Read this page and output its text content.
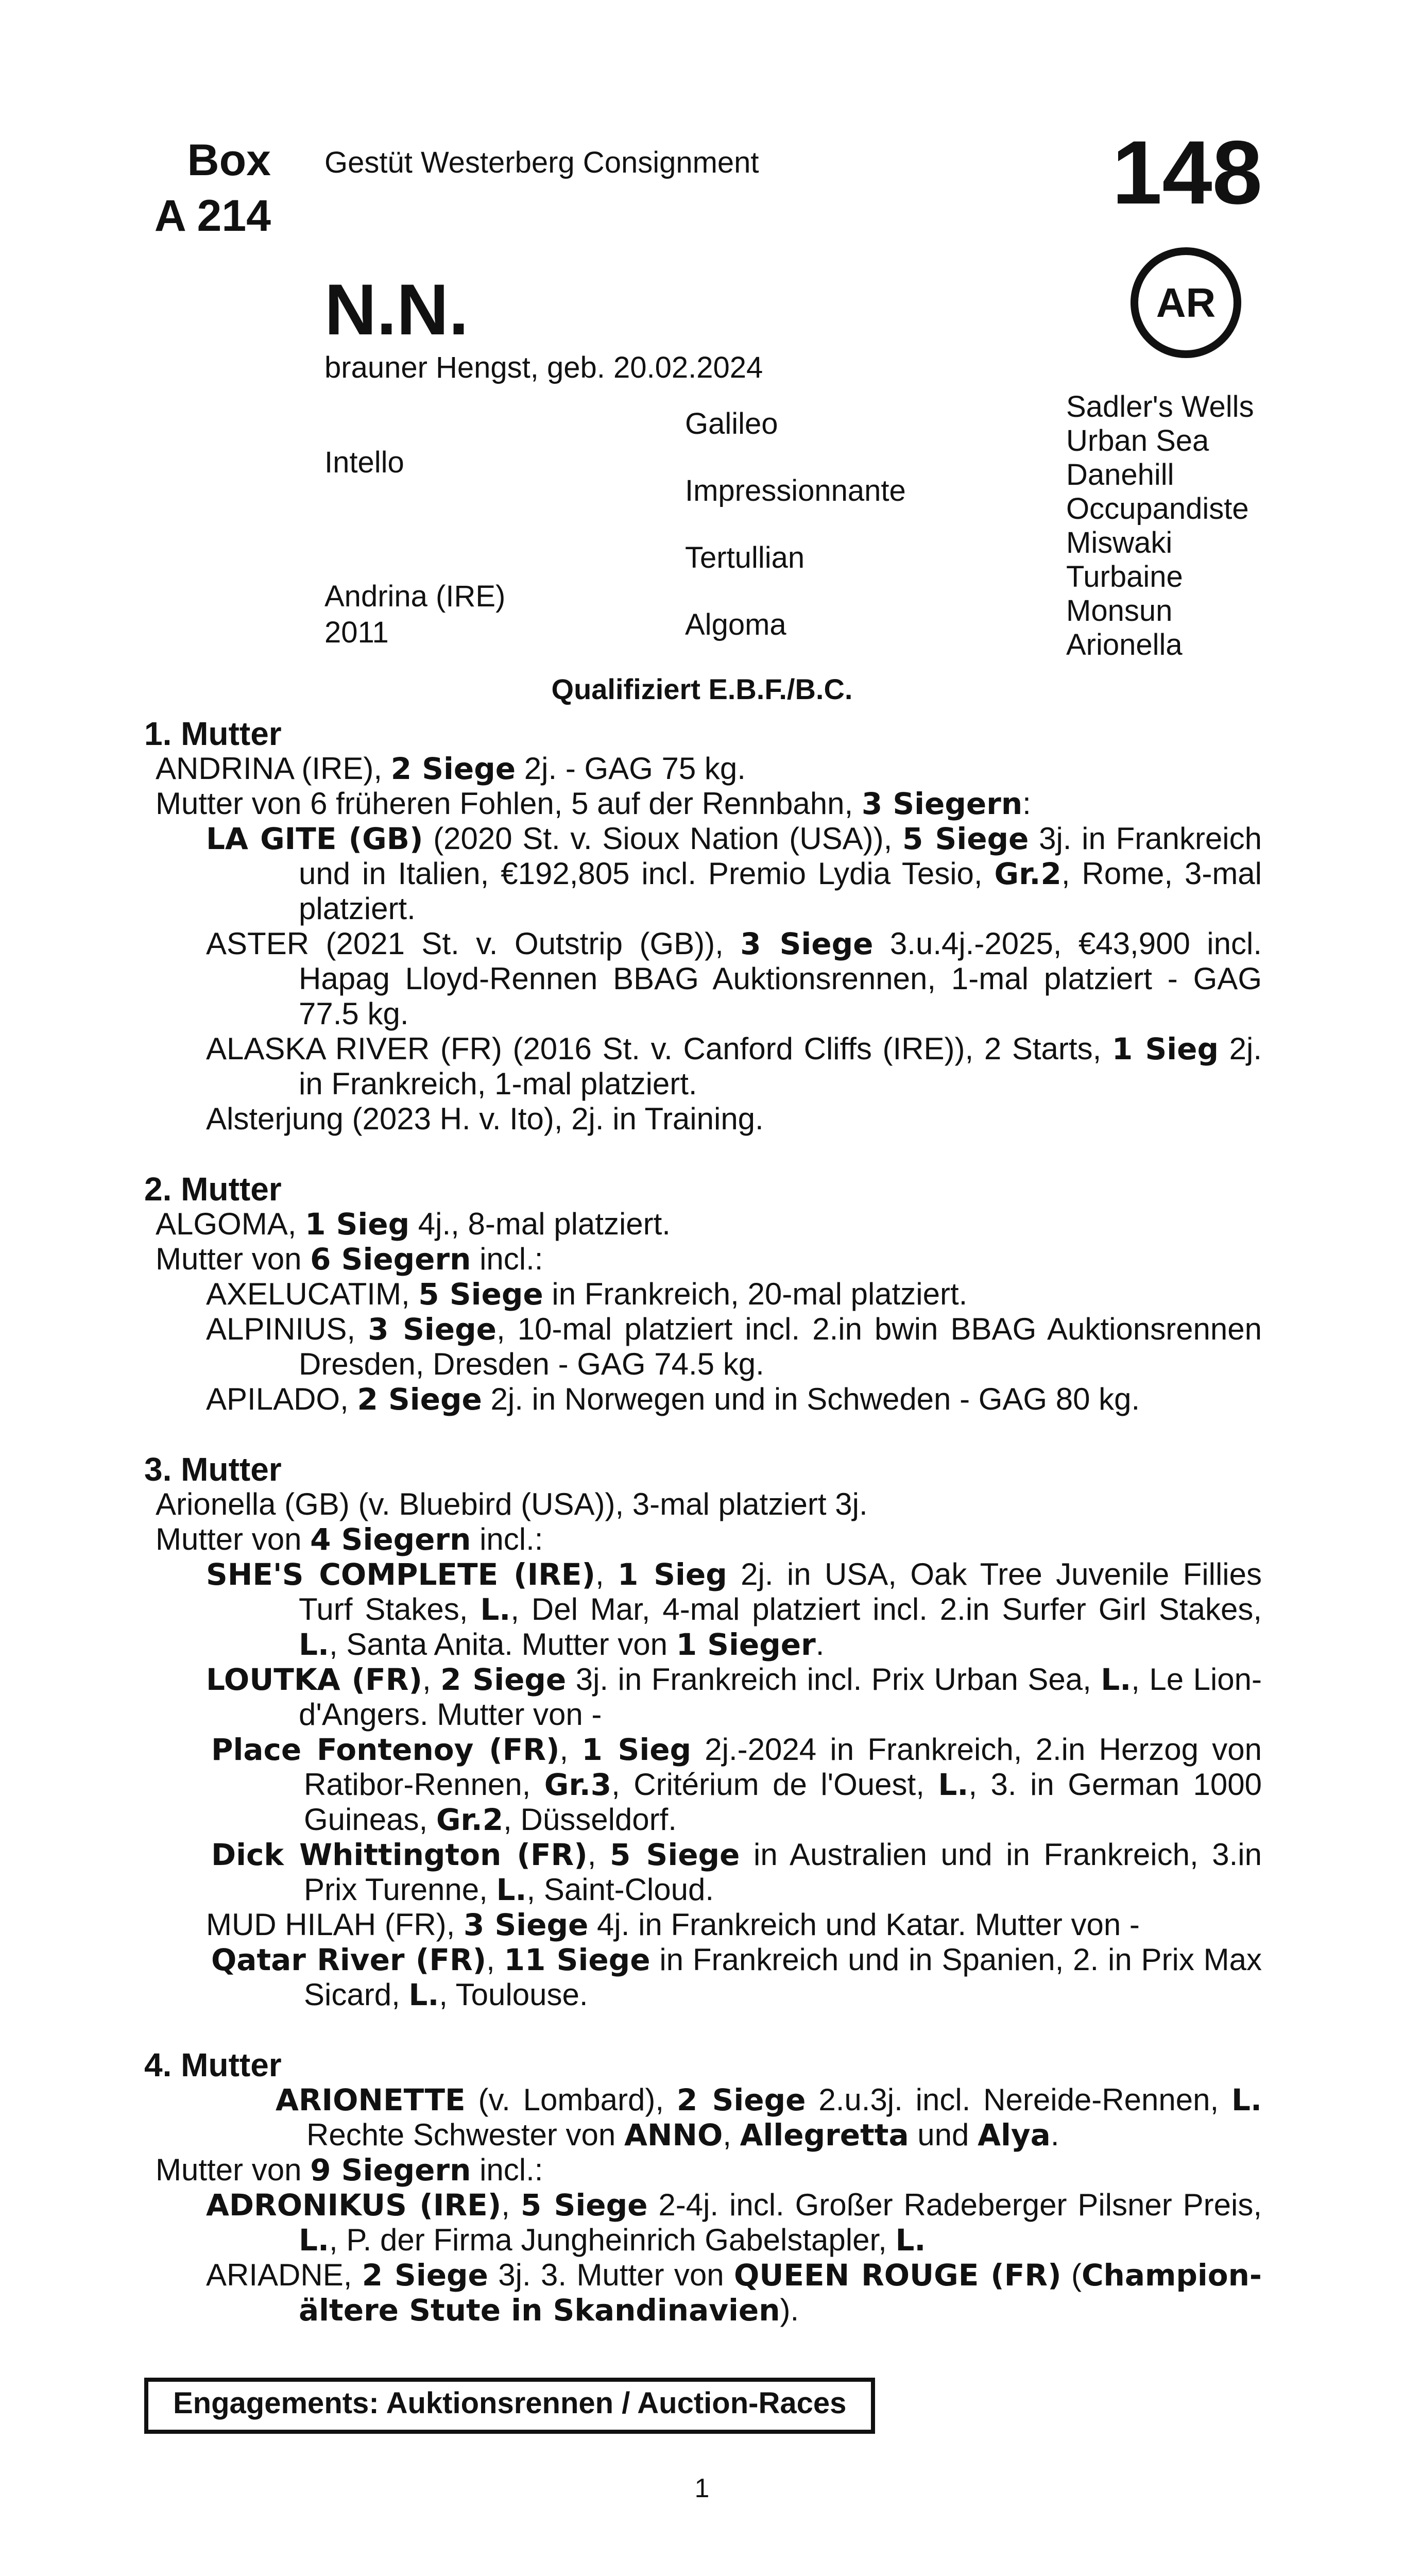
Box
A 214
Gestüt Westerberg Consignment	148
AR
N.N.
brauner Hengst, geb. 20.02.2024
Intello
Andrina (IRE)
2011
Galileo
Impressionnante
Tertullian
Algoma
Sadler's Wells
Urban Sea
Danehill
Occupandiste
Miswaki
Turbaine
Monsun
Arionella
Qualifiziert E.B.F./B.C.

1. Mutter

ANDRINA (IRE), 2 Siege 2j. - GAG 75 kg.

Mutter von 6 früheren Fohlen, 5 auf der Rennbahn, 3 Siegern:

LA GITE (GB) (2020 St. v. Sioux Nation (USA)), 5 Siege 3j. in Frankreich und in Italien, €192,805 incl. Premio Lydia Tesio, Gr.2, Rome, 3-mal platziert.

ASTER (2021 St. v. Outstrip (GB)), 3 Siege 3.u.4j.-2025, €43,900 incl. Hapag Lloyd-Rennen BBAG Auktionsrennen, 1-mal platziert - GAG 77.5 kg.

ALASKA RIVER (FR) (2016 St. v. Canford Cliffs (IRE)), 2 Starts, 1 Sieg 2j. in Frankreich, 1-mal platziert.

Alsterjung (2023 H. v. Ito), 2j. in Training.

2. Mutter

ALGOMA, 1 Sieg 4j., 8-mal platziert.

Mutter von 6 Siegern incl.:

AXELUCATIM, 5 Siege in Frankreich, 20-mal platziert.

ALPINIUS, 3 Siege, 10-mal platziert incl. 2.in bwin BBAG Auktionsrennen Dresden, Dresden - GAG 74.5 kg.

APILADO, 2 Siege 2j. in Norwegen und in Schweden - GAG 80 kg.

3. Mutter

Arionella (GB) (v. Bluebird (USA)), 3-mal platziert 3j.

Mutter von 4 Siegern incl.:

SHE'S COMPLETE (IRE), 1 Sieg 2j. in USA, Oak Tree Juvenile Fillies Turf Stakes, L., Del Mar, 4-mal platziert incl. 2.in Surfer Girl Stakes, L., Santa Anita. Mutter von 1 Sieger.

LOUTKA (FR), 2 Siege 3j. in Frankreich incl. Prix Urban Sea, L., Le Lion-d'Angers. Mutter von -

Place Fontenoy (FR), 1 Sieg 2j.-2024 in Frankreich, 2.in Herzog von Ratibor-Rennen, Gr.3, Critérium de l'Ouest, L., 3. in German 1000 Guineas, Gr.2, Düsseldorf.

Dick Whittington (FR), 5 Siege in Australien und in Frankreich, 3.in Prix Turenne, L., Saint-Cloud.

MUD HILAH (FR), 3 Siege 4j. in Frankreich und Katar. Mutter von -

Qatar River (FR), 11 Siege in Frankreich und in Spanien, 2. in Prix Max Sicard, L., Toulouse.

4. Mutter

ARIONETTE (v. Lombard), 2 Siege 2.u.3j. incl. Nereide-Rennen, L. Rechte Schwester von ANNO, Allegretta und Alya.

Mutter von 9 Siegern incl.:

ADRONIKUS (IRE), 5 Siege 2-4j. incl. Großer Radeberger Pilsner Preis, L., P. der Firma Jungheinrich Gabelstapler, L.

ARIADNE, 2 Siege 3j. 3. Mutter von QUEEN ROUGE (FR) (Champion-ältere Stute in Skandinavien).

Engagements: Auktionsrennen / Auction-Races
1
